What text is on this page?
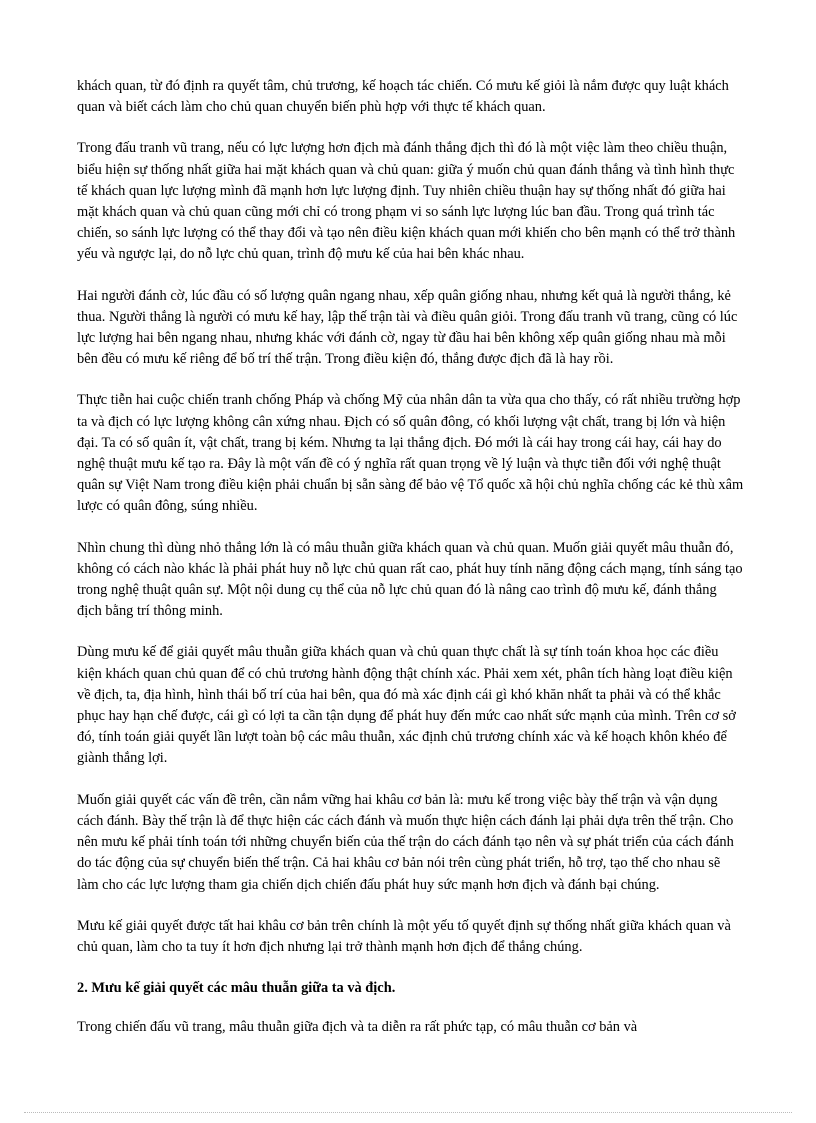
khách quan, từ đó định ra quyết tâm, chủ trương, kế hoạch tác chiến. Có mưu kế giỏi là nắm được quy luật khách quan và biết cách làm cho chủ quan chuyển biến phù hợp với thực tế khách quan.

Trong đấu tranh vũ trang, nếu có lực lượng hơn địch mà đánh thắng địch thì đó là một việc làm theo chiều thuận, biểu hiện sự thống nhất giữa hai mặt khách quan và chủ quan: giữa ý muốn chủ quan đánh thắng và tình hình thực tế khách quan lực lượng mình đã mạnh hơn lực lượng định. Tuy nhiên chiều thuận hay sự thống nhất đó giữa hai mặt khách quan và chủ quan cũng mới chỉ có trong phạm vi so sánh lực lượng lúc ban đầu. Trong quá trình tác chiến, so sánh lực lượng có thể thay đổi và tạo nên điều kiện khách quan mới khiến cho bên mạnh có thể trở thành yếu và ngược lại, do nỗ lực chủ quan, trình độ mưu kế của hai bên khác nhau.

Hai người đánh cờ, lúc đầu có số lượng quân ngang nhau, xếp quân giống nhau, nhưng kết quả là người thắng, kẻ thua. Người thắng là người có mưu kế hay, lập thế trận tài và điều quân giỏi. Trong đấu tranh vũ trang, cũng có lúc lực lượng hai bên ngang nhau, nhưng khác với đánh cờ, ngay từ đầu hai bên không xếp quân giống nhau mà mỗi bên đều có mưu kế riêng để bố trí thế trận. Trong điều kiện đó, thắng được địch đã là hay rồi.

Thực tiễn hai cuộc chiến tranh chống Pháp và chống Mỹ của nhân dân ta vừa qua cho thấy, có rất nhiều trường hợp ta và địch có lực lượng không cân xứng nhau. Địch có số quân đông, có khối lượng vật chất, trang bị lớn và hiện đại. Ta có số quân ít, vật chất, trang bị kém. Nhưng ta lại thắng địch. Đó mới là cái hay trong cái hay, cái hay do nghệ thuật mưu kế tạo ra. Đây là một vấn đề có ý nghĩa rất quan trọng về lý luận và thực tiễn đối với nghệ thuật quân sự Việt Nam trong điều kiện phải chuẩn bị sẵn sàng để bảo vệ Tổ quốc xã hội chủ nghĩa chống các kẻ thù xâm lược có quân đông, súng nhiều.

Nhìn chung thì dùng nhỏ thắng lớn là có mâu thuẫn giữa khách quan và chủ quan. Muốn giải quyết mâu thuẫn đó, không có cách nào khác là phải phát huy nỗ lực chủ quan rất cao, phát huy tính năng động cách mạng, tính sáng tạo trong nghệ thuật quân sự. Một nội dung cụ thể của nỗ lực chủ quan đó là nâng cao trình độ mưu kế, đánh thắng địch bằng trí thông minh.

Dùng mưu kế để giải quyết mâu thuẫn giữa khách quan và chủ quan thực chất là sự tính toán khoa học các điều kiện khách quan chủ quan để có chủ trương hành động thật chính xác. Phải xem xét, phân tích hàng loạt điều kiện về địch, ta, địa hình, hình thái bố trí của hai bên, qua đó mà xác định cái gì khó khăn nhất ta phải và có thể khắc phục hay hạn chế được, cái gì có lợi ta cần tận dụng để phát huy đến mức cao nhất sức mạnh của mình. Trên cơ sở đó, tính toán giải quyết lần lượt toàn bộ các mâu thuẫn, xác định chủ trương chính xác và kế hoạch khôn khéo để giành thắng lợi.

Muốn giải quyết các vấn đề trên, cần nắm vững hai khâu cơ bản là: mưu kế trong việc bày thế trận và vận dụng cách đánh. Bày thế trận là để thực hiện các cách đánh và muốn thực hiện cách đánh lại phải dựa trên thế trận. Cho nên mưu kế phải tính toán tới những chuyển biến của thế trận do cách đánh tạo nên và sự phát triển của cách đánh do tác động của sự chuyển biến thế trận. Cả hai khâu cơ bản nói trên cùng phát triển, hỗ trợ, tạo thế cho nhau sẽ làm cho các lực lượng tham gia chiến dịch chiến đấu phát huy sức mạnh hơn địch và đánh bại chúng.

Mưu kế giải quyết được tất hai khâu cơ bản trên chính là một yếu tố quyết định sự thống nhất giữa khách quan và chủ quan, làm cho ta tuy ít hơn địch nhưng lại trở thành mạnh hơn địch để thắng chúng.

2. Mưu kế giải quyết các mâu thuẫn giữa ta và địch.

Trong chiến đấu vũ trang, mâu thuẫn giữa địch và ta diễn ra rất phức tạp, có mâu thuẫn cơ bản và
